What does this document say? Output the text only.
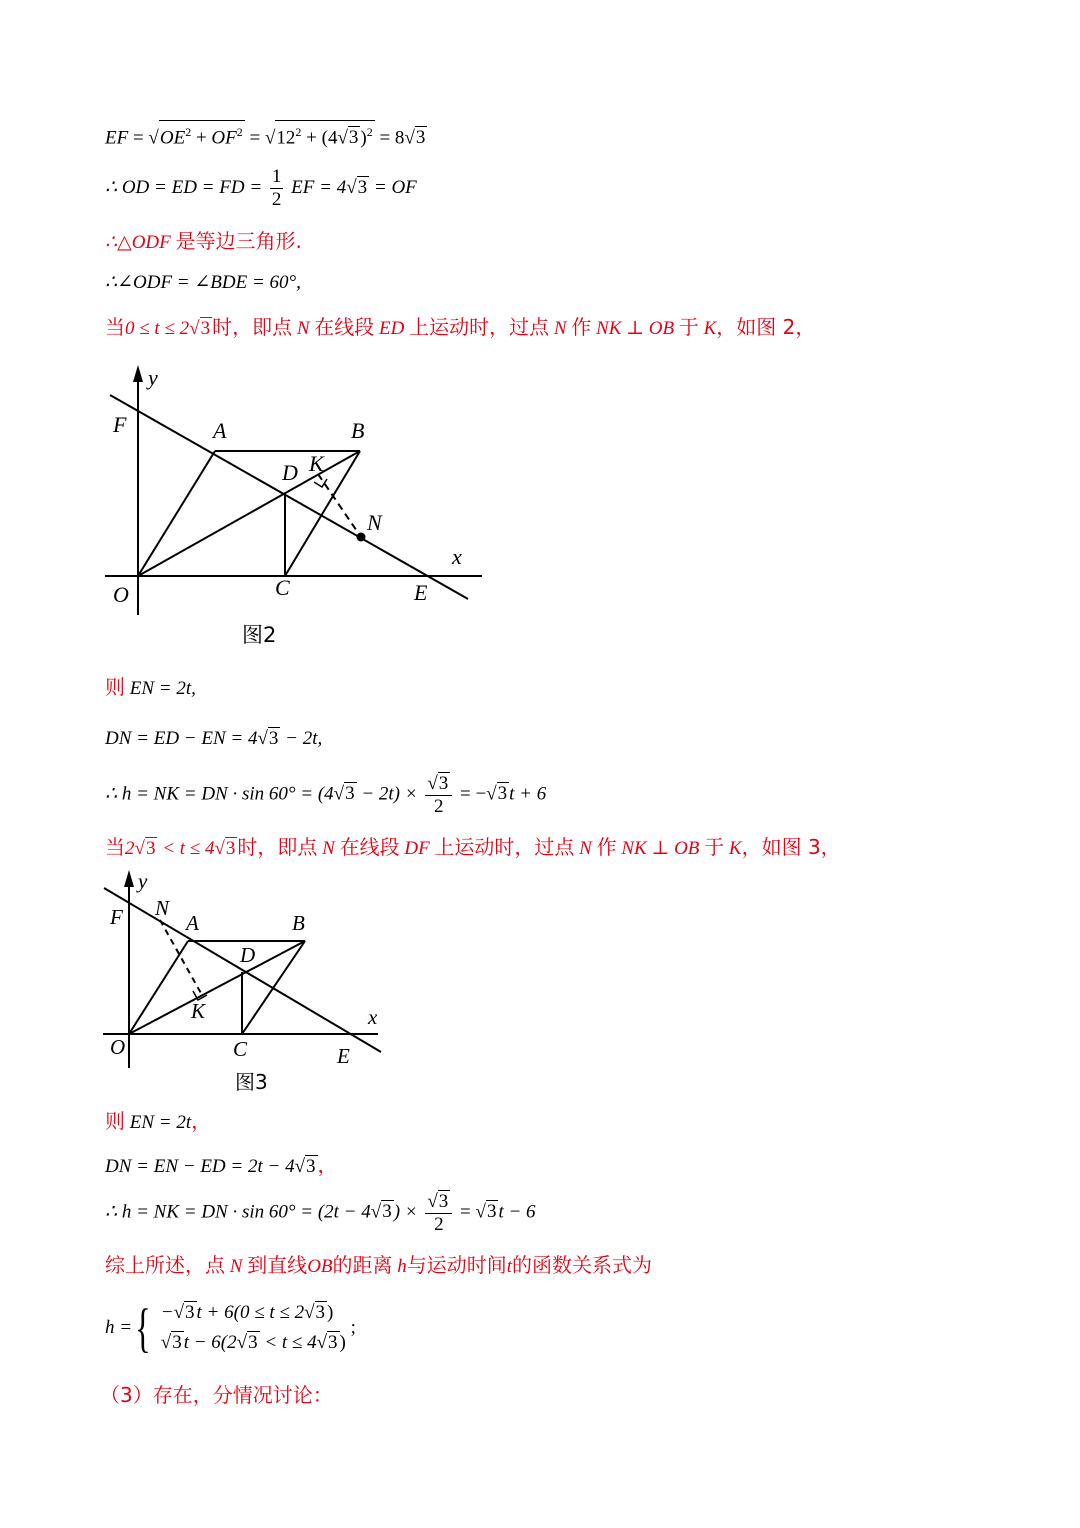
EF = $√OE^2 + OF^2 = √12^2 + (4√3$ )$^2$ = 8√3
∴ OD = ED = FD = $\frac{1}{2}$ EF = 4√3 = OF
∴△ODF 是等边三角形.
∴∠ODF = ∠BDE = 60°,
当0 ≤ t ≤ 2√3 时，即点 N 在线段 ED 上运动时，过点 N 作 NK ⊥ OB 于 K，如图 2，
y
x
F	A	B
D K
N
O	C	E
图2
则 EN = 2t,
DN = ED − EN = 4√3 − 2t,
∴ h = NK = DN · $\sin 60^\circ = (4√3 - 2t) \times \frac{√3}{2} = -√3$ t + 6
当2√3 < t ≤ 4√3 时，即点 N 在线段 DF 上运动时，过点 N 作 NK ⊥ OB 于 K，如图 3，
y
x
F N
A	B
D
K
O	C	E
图3
则 EN = 2t，
DN = EN − ED = 2t − 4√3 ，
∴ h = NK = DN · sin 60° = (2t − 4√3 ) × $\frac{√3}{2} = √3$ t − 6
综上所述，点 N 到直线OB的距离 h与运动时间t的函数关系式为
h ={ −√3 t + 6(0 ≤ t ≤ 2√3 )
√3 t − 6(2√3 < t ≤ 4√3 )
;
（3）存在，分情况讨论：
